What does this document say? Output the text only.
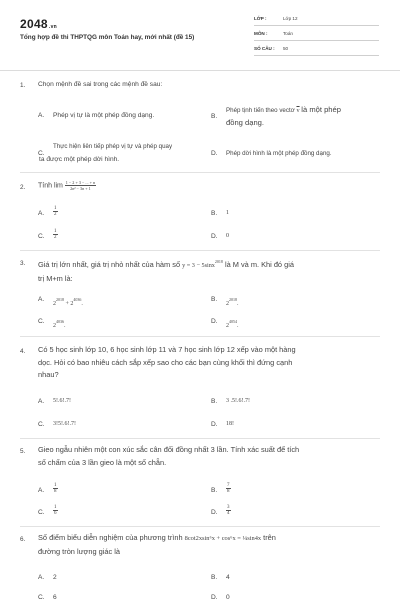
2048.vn
Tổng hợp đề thi THPTQG môn Toán hay, mới nhất (đề 15)
LỚP :	Lớp 12
MÔN :	Toán
SỐ CÂU : 50
1. Chọn mệnh đề sai trong các mệnh đề sau:
A. Phép vị tự là một phép đồng dạng.	B.
Phép tịnh tiến theo vectơ $\overline{v}$ là một phép
đồng dạng.
C.
Thực hiện liên tiếp phép vị tự và phép quay
ta được một phép dời hình.
D. Phép dời hình là một phép đồng dạng.
2. Tính $\lim \frac{1 - 2 + 3 - ... + n}{\text{2n² − 3n + 1}}$
A. $\frac{1}{2}$	B. 1
C. $\frac{1}{2}$	D. 0
3. Giá trị lớn nhất, giá trị nhỏ nhất của hàm số y = 3 − 5sinx$^{2018}$ là M và m. Khi đó giá
trị M+m là:
A.
$2^{2018} + 2^{4036}$.
B.
$2^{2018}$.
C.
$2^{4036}$.
D.
$2^{4054}$.
4. Có 5 học sinh lớp 10, 6 học sinh lớp 11 và 7 học sinh lớp 12 xếp vào một hàng
dọc. Hỏi có bao nhiêu cách sắp xếp sao cho các bạn cùng khối thì đứng cạnh
nhau?
A. 5!.6!.7!	B. 3 .5!.6!.7!
C. 3!5!.6!.7!	D. 18!
5. Gieo ngẫu nhiên một con xúc sắc cân đối đồng nhất 3 lần. Tính xác suất để tích
số chấm của 3 lần gieo là một số chẵn.
A. $\frac{1}{8}$	B. $\frac{7}{8}$
C. $\frac{1}{6}$	D. $\frac{3}{4}$
6. Số điểm biểu diễn nghiệm của phương trình 8cot2xsin⁶x + cos⁶x = ¼sin4x trên
đường tròn lượng giác là
A. 2	B. 4
C. 6	D. 0
